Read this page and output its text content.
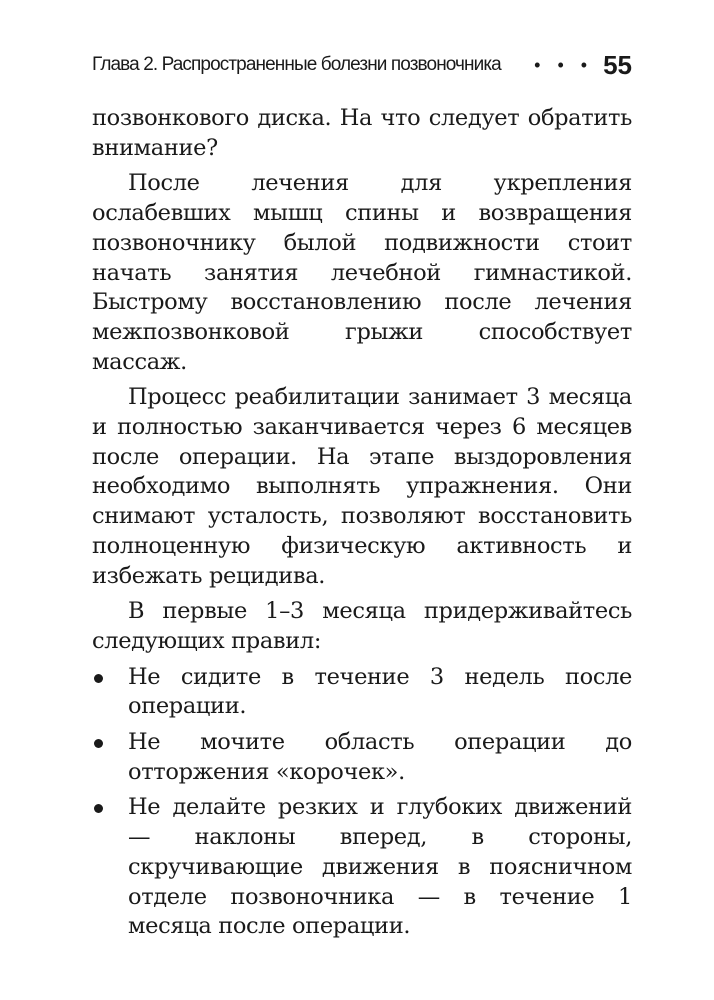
Глава 2. Распространенные болезни позвоночника • • • 55

позвонкового диска. На что следует обратить внимание?

После лечения для укрепления ослабевших мышц спины и возвращения позвоночнику былой подвижности стоит начать занятия лечебной гимнастикой. Быстрому восстановлению после лечения межпозвонковой грыжи способствует массаж.

Процесс реабилитации занимает 3 месяца и полностью заканчивается через 6 месяцев после операции. На этапе выздоровления необходимо выполнять упражнения. Они снимают усталость, позволяют восстановить полноценную физическую активность и избежать рецидива.

В первые 1–3 месяца придерживайтесь следующих правил:

Не сидите в течение 3 недель после операции.
Не мочите область операции до отторжения «корочек».
Не делайте резких и глубоких движений — наклоны вперед, в стороны, скручивающие движения в поясничном отделе позвоночника — в течение 1 месяца после операции.
